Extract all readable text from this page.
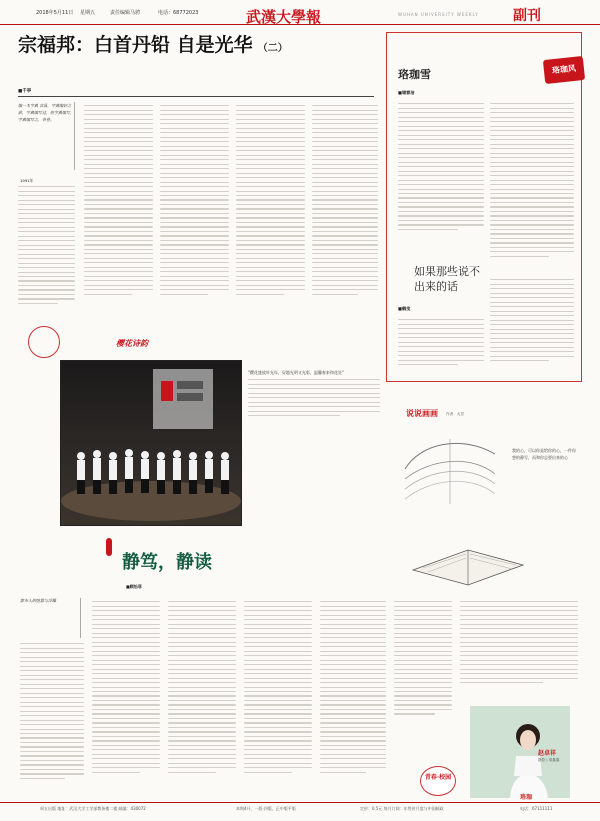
2018年5月11日 星期五	责任编辑 马骋	电话：68772023	武漢大學報	WUHAN UNIVERSITY WEEKLY 副刊
宗福邦：白首丹铅 自是光华 （二）
■千亭
编一本字典 容易，字典编好之前，字典编写过，但字典编写，字典编写之，各卷。
1991年
珞珈风
珞珈雪
■谢春洁
如果那些说不出来的话
■鹤曳
樱花诗韵
"樱花盛放叶光年，穿越光明又光彩，温馨春来和花处"
说说画画 作者：大昱
我的心，可以你是给你的心，一件你想的静写，而和你总要出来的心
静笃，静读
■顾怡菲
都市人的喧嚣与浮躁
赵卓祥
摄影 | 胡鑫鑫
青春·校园
珞珈
周五出版 地址：武汉大学工学部教务楼二楼 邮编：430072	本期4开，一版·四版，正中版平版	定价：0.5元 每月订阅：年售价月度与中国邮政	电话：67111111
